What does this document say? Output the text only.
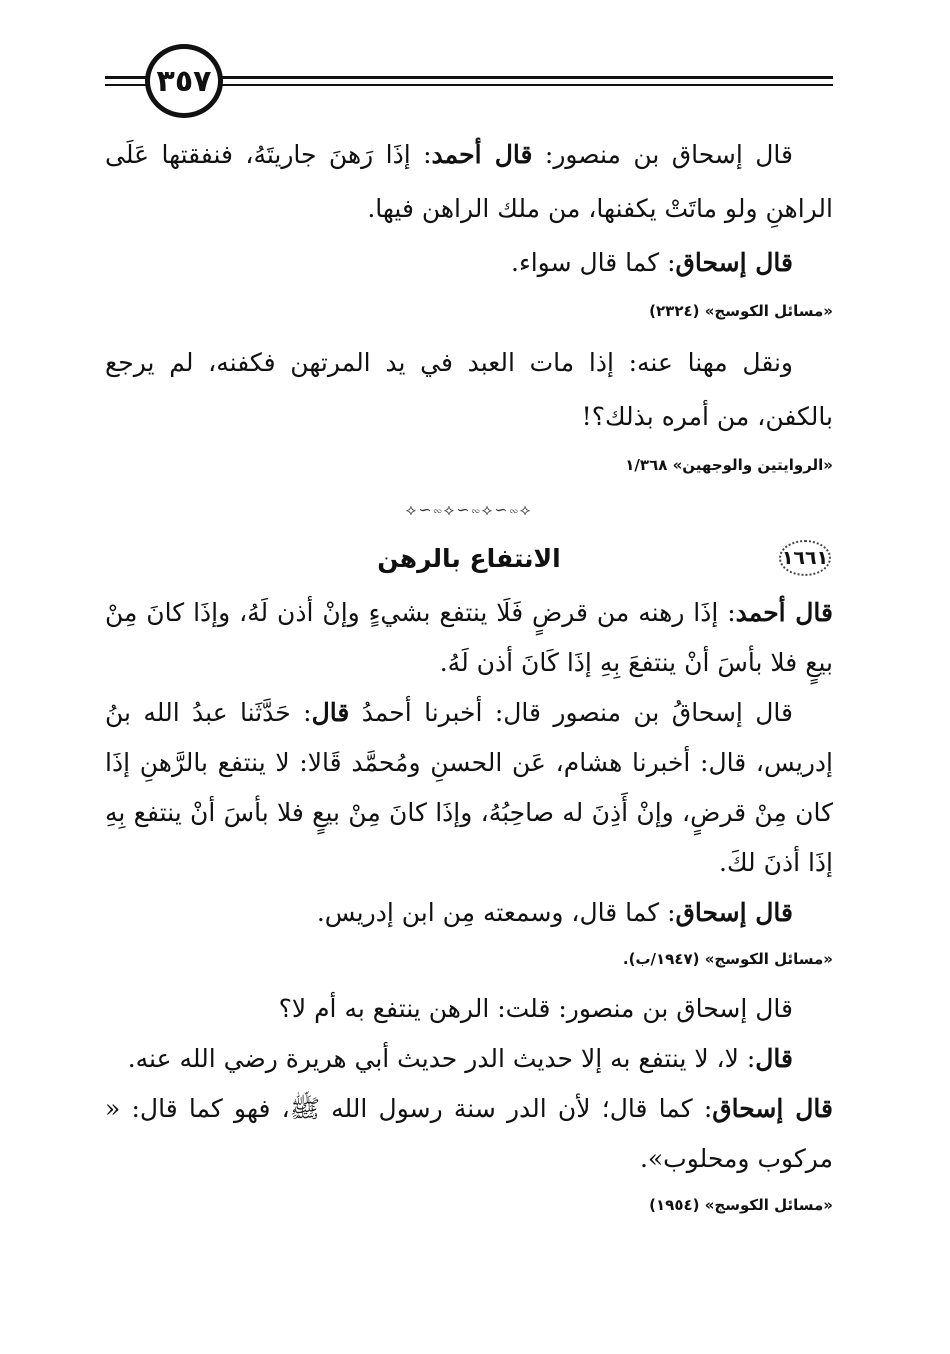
٣٥٧

قال إسحاق بن منصور: قال أحمد: إذَا رَهنَ جاريتَهُ، فنفقتها عَلَى الراهنِ ولو ماتَتْ يكفنها، من ملك الراهن فيها.

قال إسحاق: كما قال سواء.

«مسائل الكوسج» (٢٣٢٤)

ونقل مهنا عنه: إذا مات العبد في يد المرتهن فكفنه، لم يرجع بالكفن، من أمره بذلك؟!

«الروايتين والوجهين» ١/٣٦٨
⟡∽∾⟡∽∾⟡∽∾⟡
١٦٦١
الانتفاع بالرهن

قال أحمد: إذَا رهنه من قرضٍ فَلَا ينتفع بشيءٍ وإنْ أذن لَهُ، وإذَا كانَ مِنْ بيعٍ فلا بأسَ أنْ ينتفعَ بِهِ إذَا كَانَ أذن لَهُ.

قال إسحاقُ بن منصور قال: أخبرنا أحمدُ قال: حَدَّثَنا عبدُ الله بنُ إدريس، قال: أخبرنا هشام، عَن الحسنِ ومُحمَّد قَالا: لا ينتفع بالرَّهنِ إذَا كان مِنْ قرضٍ، وإنْ أَذِنَ له صاحِبُهُ، وإذَا كانَ مِنْ بيعٍ فلا بأسَ أنْ ينتفع بِهِ إذَا أذنَ لكَ.

قال إسحاق: كما قال، وسمعته مِن ابن إدريس.

«مسائل الكوسج» (١٩٤٧/ب).

قال إسحاق بن منصور: قلت: الرهن ينتفع به أم لا؟

قال: لا، لا ينتفع به إلا حديث الدر حديث أبي هريرة رضي الله عنه.

قال إسحاق: كما قال؛ لأن الدر سنة رسول الله ﷺ، فهو كما قال: « مركوب ومحلوب».

«مسائل الكوسج» (١٩٥٤)
